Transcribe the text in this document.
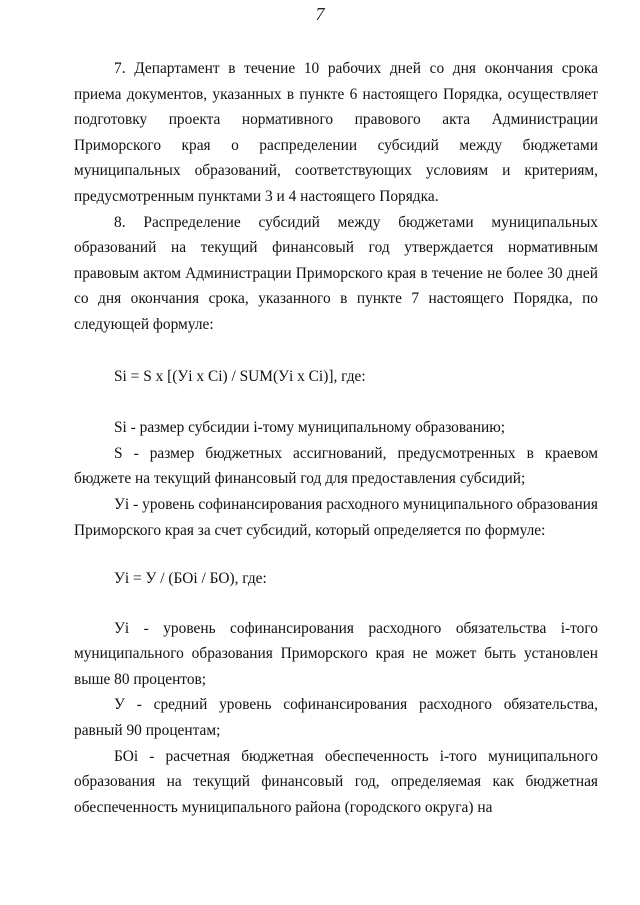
7

7. Департамент в течение 10 рабочих дней со дня окончания срока приема документов, указанных в пункте 6 настоящего Порядка, осуществляет подготовку проекта нормативного правового акта Администрации Приморского края о распределении субсидий между бюджетами муниципальных образований, соответствующих условиям и критериям, предусмотренным пунктами 3 и 4 настоящего Порядка.

8. Распределение субсидий между бюджетами муниципальных образований на текущий финансовый год утверждается нормативным правовым актом Администрации Приморского края в течение не более 30 дней со дня окончания срока, указанного в пункте 7 настоящего Порядка, по следующей формуле:

Si = S x [(Уi x Ci) / SUM(Уi x Ci)], где:

Si - размер субсидии i-тому муниципальному образованию;

S - размер бюджетных ассигнований, предусмотренных в краевом бюджете на текущий финансовый год для предоставления субсидий;

Уi - уровень софинансирования расходного муниципального образования Приморского края за счет субсидий, который определяется по формуле:

Уi = У / (БОi / БО), где:

Уi - уровень софинансирования расходного обязательства i-того муниципального образования Приморского края не может быть установлен выше 80 процентов;

У - средний уровень софинансирования расходного обязательства, равный 90 процентам;

БОi - расчетная бюджетная обеспеченность i-того муниципального образования на текущий финансовый год, определяемая как бюджетная обеспеченность муниципального района (городского округа) на
